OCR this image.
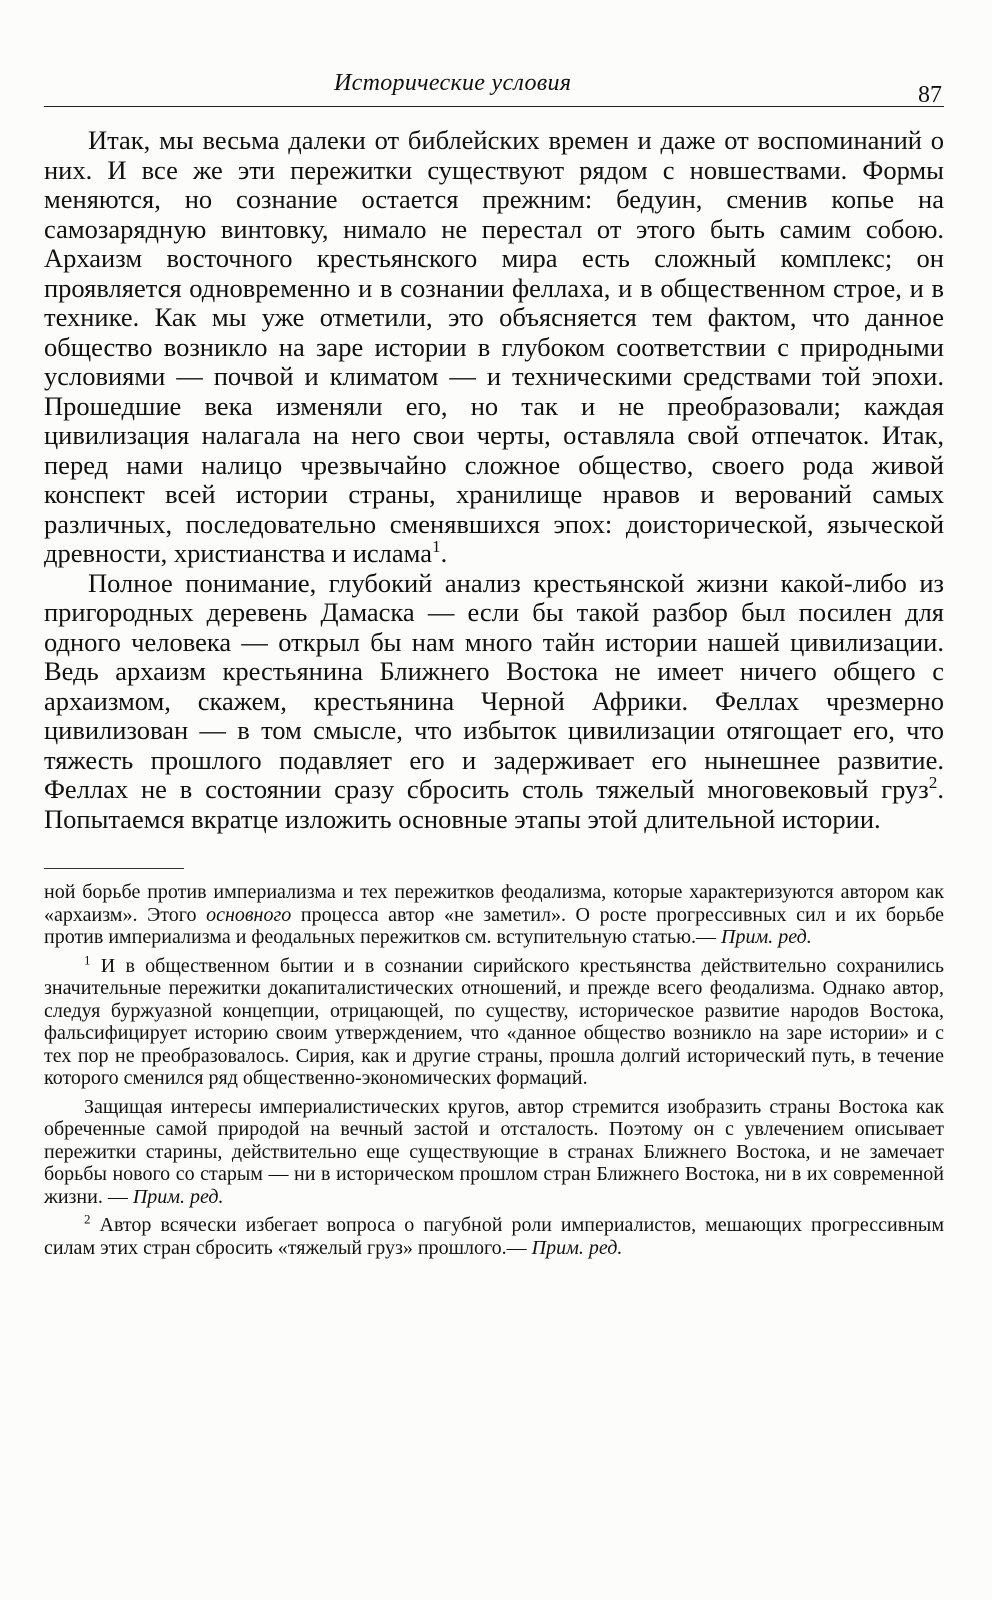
Исторические условия	87

Итак, мы весьма далеки от библейских времен и даже от воспоминаний о них. И все же эти пережитки существуют рядом с новшествами. Формы меняются, но сознание остается прежним: бедуин, сменив копье на самозарядную винтовку, нимало не перестал от этого быть самим собою. Архаизм восточного крестьянского мира есть сложный комплекс; он проявляется одновременно и в сознании феллаха, и в общественном строе, и в технике. Как мы уже отметили, это объясняется тем фактом, что данное общество возникло на заре истории в глубоком соответствии с природными условиями — почвой и климатом — и техническими средствами той эпохи. Прошедшие века изменяли его, но так и не преобразовали; каждая цивилизация налагала на него свои черты, оставляла свой отпечаток. Итак, перед нами налицо чрезвычайно сложное общество, своего рода живой конспект всей истории страны, хранилище нравов и верований самых различных, последовательно сменявшихся эпох: доисторической, языческой древности, христианства и ислама$^1$.

Полное понимание, глубокий анализ крестьянской жизни какой-либо из пригородных деревень Дамаска — если бы такой разбор был посилен для одного человека — открыл бы нам много тайн истории нашей цивилизации. Ведь архаизм крестьянина Ближнего Востока не имеет ничего общего с архаизмом, скажем, крестьянина Черной Африки. Феллах чрезмерно цивилизован — в том смысле, что избыток цивилизации отягощает его, что тяжесть прошлого подавляет его и задерживает его нынешнее развитие. Феллах не в состоянии сразу сбросить столь тяжелый многовековый груз$^2$. Попытаемся вкратце изложить основные этапы этой длительной истории.

ной борьбе против империализма и тех пережитков феодализма, которые характеризуются автором как «архаизм». Этого основного процесса автор «не заметил». О росте прогрессивных сил и их борьбе против империализма и феодальных пережитков см. вступительную статью.— Прим. ред.

$^1$ И в общественном бытии и в сознании сирийского крестьянства действительно сохранились значительные пережитки докапиталистических отношений, и прежде всего феодализма. Однако автор, следуя буржуазной концепции, отрицающей, по существу, историческое развитие народов Востока, фальсифицирует историю своим утверждением, что «данное общество возникло на заре истории» и с тех пор не преобразовалось. Сирия, как и другие страны, прошла долгий исторический путь, в течение которого сменился ряд общественно-экономических формаций.

Защищая интересы империалистических кругов, автор стремится изобразить страны Востока как обреченные самой природой на вечный застой и отсталость. Поэтому он с увлечением описывает пережитки старины, действительно еще существующие в странах Ближнего Востока, и не замечает борьбы нового со старым — ни в историческом прошлом стран Ближнего Востока, ни в их современной жизни. — Прим. ред.

$^2$ Автор всячески избегает вопроса о пагубной роли империалистов, мешающих прогрессивным силам этих стран сбросить «тяжелый груз» прошлого.— Прим. ред.
